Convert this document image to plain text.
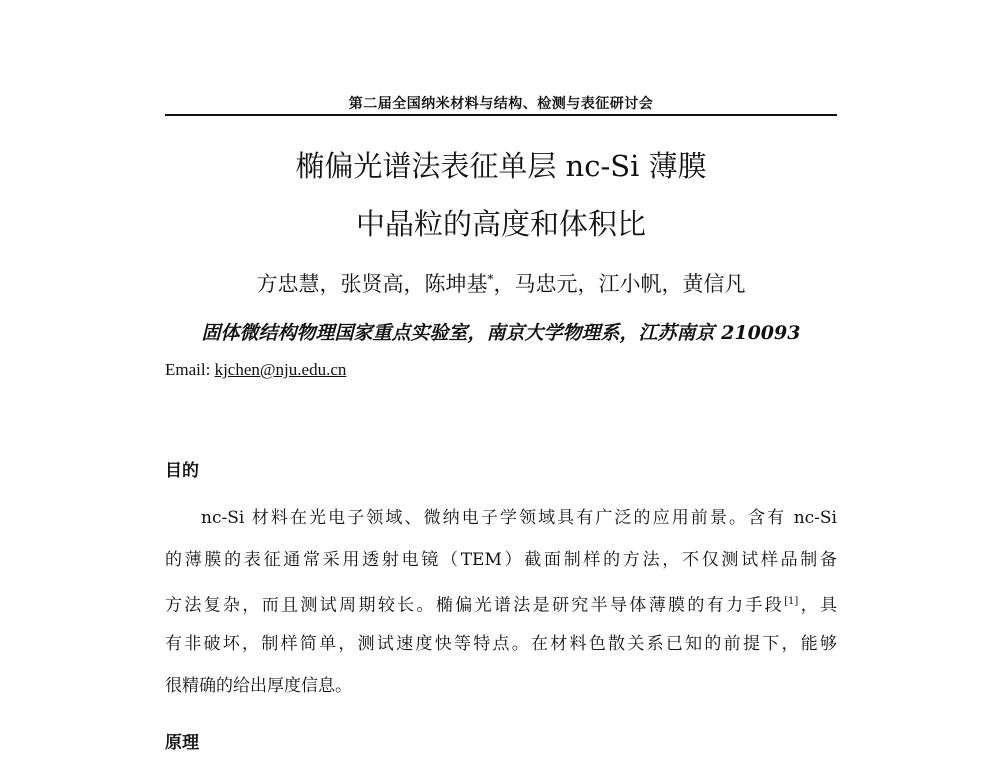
第二届全国纳米材料与结构、检测与表征研讨会
椭偏光谱法表征单层 nc-Si 薄膜
中晶粒的高度和体积比
方忠慧，张贤高，陈坤基*，马忠元，江小帆，黄信凡
固体微结构物理国家重点实验室，南京大学物理系，江苏南京 210093
Email: kjchen@nju.edu.cn
目的
nc-Si 材料在光电子领域、微纳电子学领域具有广泛的应用前景。含有 nc-Si
的薄膜的表征通常采用透射电镜（TEM）截面制样的方法，不仅测试样品制备
方法复杂，而且测试周期较长。椭偏光谱法是研究半导体薄膜的有力手段[1]，具
有非破坏，制样简单，测试速度快等特点。在材料色散关系已知的前提下，能够
很精确的给出厚度信息。
原理
